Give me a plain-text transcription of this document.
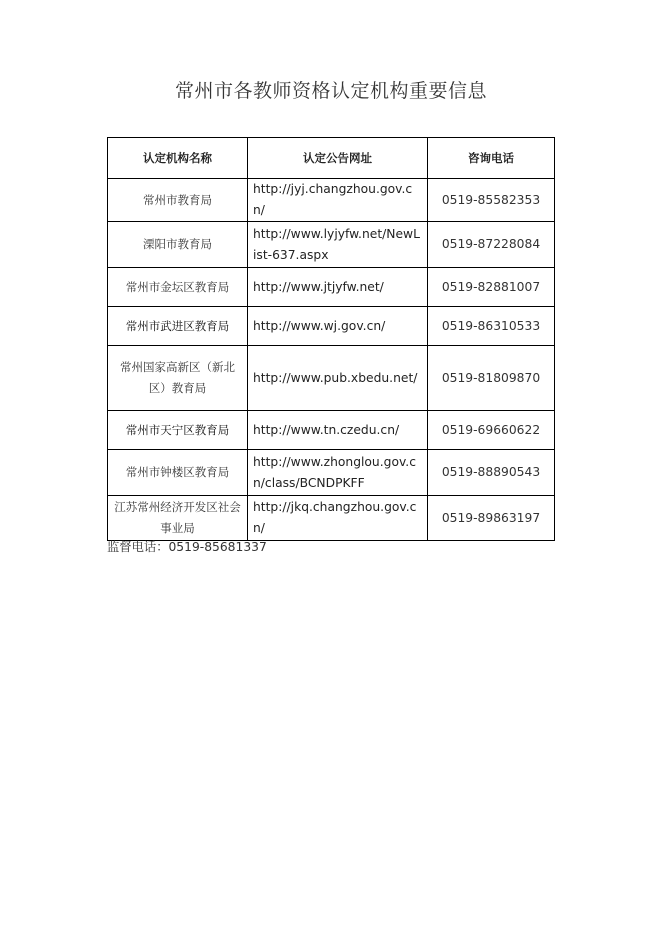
常州市各教师资格认定机构重要信息
认定机构名称	认定公告网址	咨询电话
常州市教育局	http://jyj.changzhou.gov.cn/	0519-85582353
溧阳市教育局	http://www.lyjyfw.net/NewList-637.aspx	0519-87228084
常州市金坛区教育局	http://www.jtjyfw.net/	0519-82881007
常州市武进区教育局	http://www.wj.gov.cn/	0519-86310533
常州国家高新区（新北区）教育局	http://www.pub.xbedu.net/	0519-81809870
常州市天宁区教育局	http://www.tn.czedu.cn/	0519-69660622
常州市钟楼区教育局	http://www.zhonglou.gov.cn/class/BCNDPKFF	0519-88890543
江苏常州经济开发区社会事业局	http://jkq.changzhou.gov.cn/	0519-89863197

监督电话：0519-85681337
